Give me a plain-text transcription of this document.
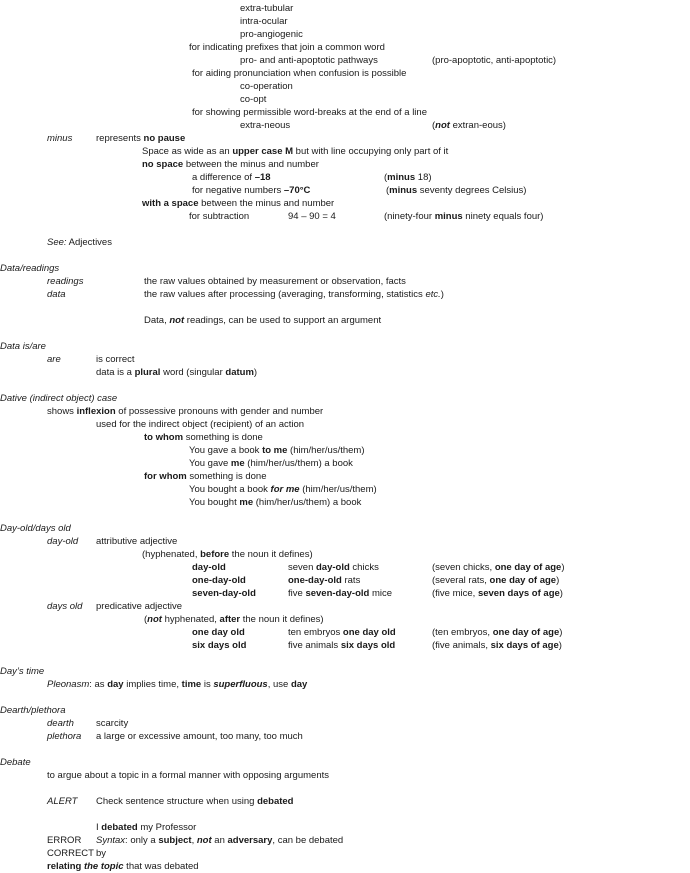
extra-tubular
intra-ocular
pro-angiogenic
for indicating prefixes that join a common word
pro- and anti-apoptotic pathways	(pro-apoptotic, anti-apoptotic)
for aiding pronunciation when confusion is possible
co-operation
co-opt
for showing permissible word-breaks at the end of a line
extra-neous	(not extran-eous)
minus represents no pause
Space as wide as an upper case M but with line occupying only part of it
no space between the minus and number
a difference of –18	(minus 18)
for negative numbers –70°C	(minus seventy degrees Celsius)
with a space between the minus and number
for subtraction	94 – 90 = 4	(ninety-four minus ninety equals four)
See: Adjectives
Data/readings
readings	the raw values obtained by measurement or observation, facts
data	the raw values after processing (averaging, transforming, statistics etc.)
Data, not readings, can be used to support an argument
Data is/are
are	is correct
data is a plural word (singular datum)
Dative (indirect object) case
shows inflexion of possessive pronouns with gender and number
used for the indirect object (recipient) of an action
to whom something is done
You gave a book to me (him/her/us/them)
You gave me (him/her/us/them) a book
for whom something is done
You bought a book for me (him/her/us/them)
You bought me (him/her/us/them) a book
Day-old/days old
day-old attributive adjective
(hyphenated, before the noun it defines)
day-old	seven day-old chicks	(seven chicks, one day of age)
one-day-old	one-day-old rats	(several rats, one day of age)
seven-day-old	five seven-day-old mice	(five mice, seven days of age)
days old predicative adjective
(not hyphenated, after the noun it defines)
one day old	ten embryos one day old	(ten embryos, one day of age)
six days old	five animals six days old	(five animals, six days of age)
Day’s time
Pleonasm: as day implies time, time is superfluous, use day
Dearth/plethora
dearth scarcity
plethora a large or excessive amount, too many, too much
Debate
to argue about a topic in a formal manner with opposing arguments
ALERT Check sentence structure when using debated
I debated my Professor
ERROR Syntax: only a subject, not an adversary, can be debated
CORRECT by
relating the topic that was debated
